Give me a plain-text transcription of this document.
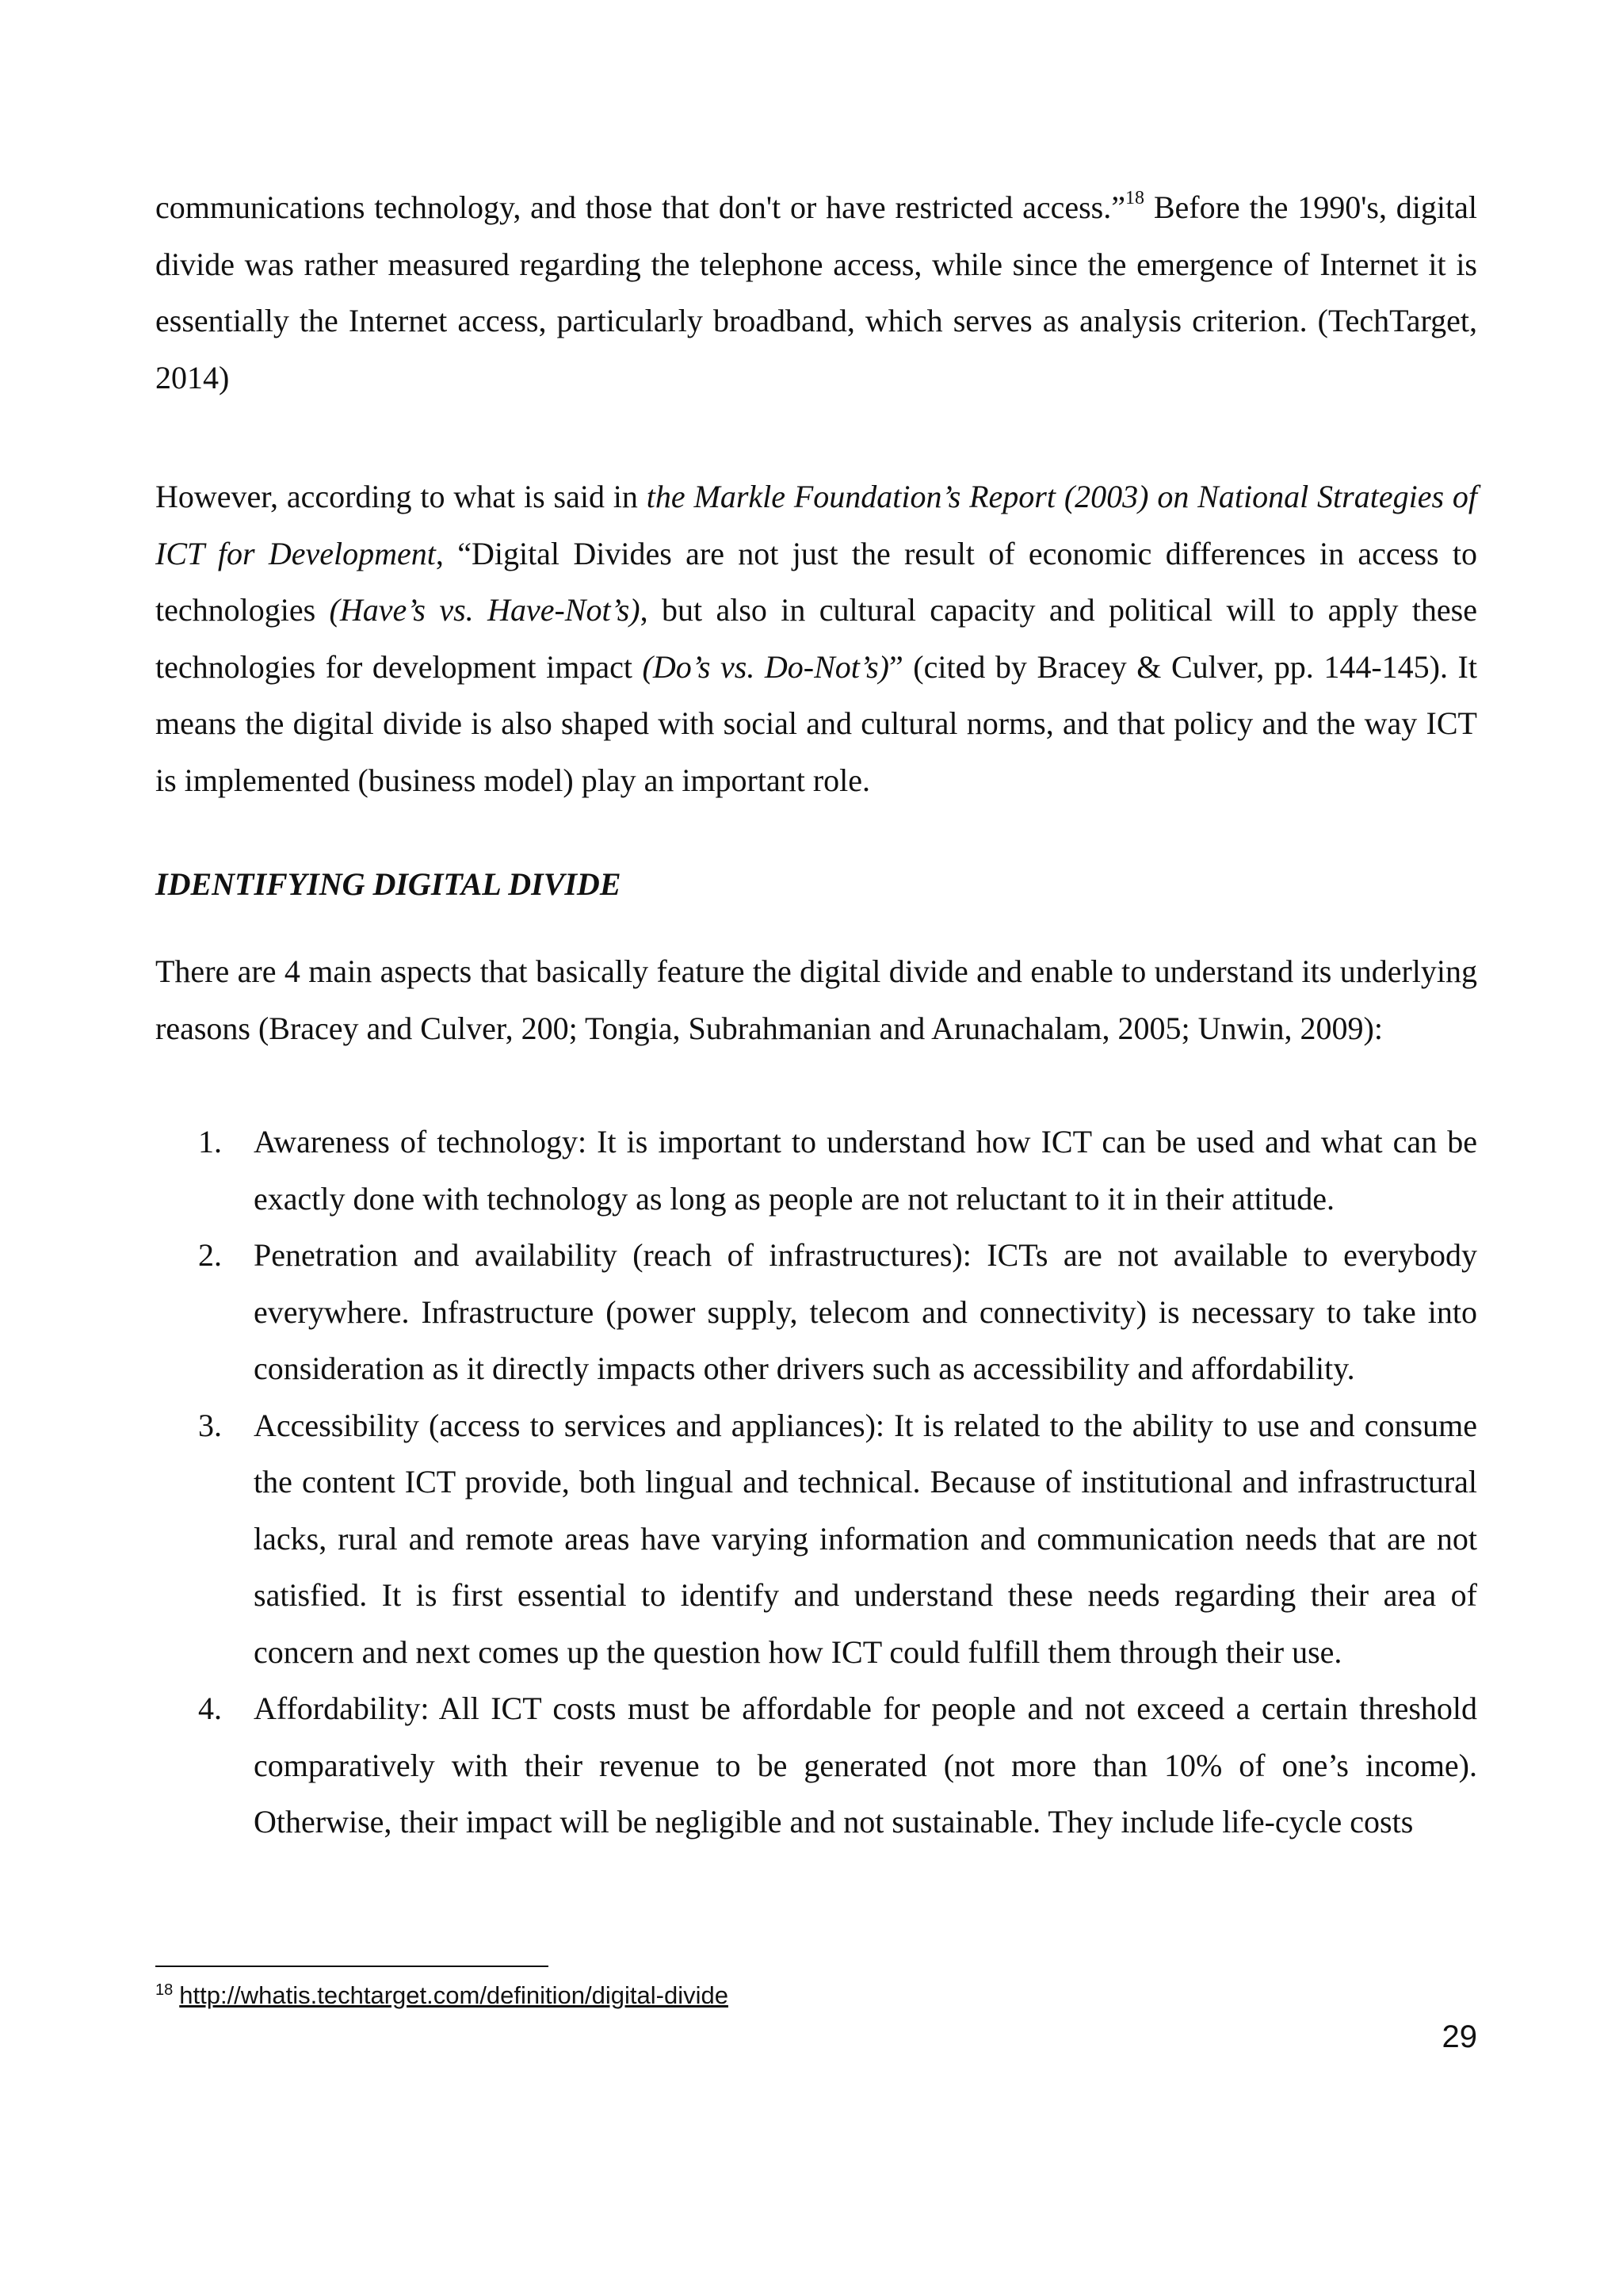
communications technology, and those that don't or have restricted access.”$^{18}$ Before the 1990's, digital divide was rather measured regarding the telephone access, while since the emergence of Internet it is essentially the Internet access, particularly broadband, which serves as analysis criterion. (TechTarget, 2014)

However, according to what is said in the Markle Foundation’s Report (2003) on National Strategies of ICT for Development, “Digital Divides are not just the result of economic differences in access to technologies (Have’s vs. Have-Not’s), but also in cultural capacity and political will to apply these technologies for development impact (Do’s vs. Do-Not’s)” (cited by Bracey & Culver, pp. 144-145). It means the digital divide is also shaped with social and cultural norms, and that policy and the way ICT is implemented (business model) play an important role.

IDENTIFYING DIGITAL DIVIDE

There are 4 main aspects that basically feature the digital divide and enable to understand its underlying reasons (Bracey and Culver, 200; Tongia, Subrahmanian and Arunachalam, 2005; Unwin, 2009):

1. Awareness of technology: It is important to understand how ICT can be used and what can be exactly done with technology as long as people are not reluctant to it in their attitude.
2. Penetration and availability (reach of infrastructures): ICTs are not available to everybody everywhere. Infrastructure (power supply, telecom and connectivity) is necessary to take into consideration as it directly impacts other drivers such as accessibility and affordability.
3. Accessibility (access to services and appliances): It is related to the ability to use and consume the content ICT provide, both lingual and technical. Because of institutional and infrastructural lacks, rural and remote areas have varying information and communication needs that are not satisfied. It is first essential to identify and understand these needs regarding their area of concern and next comes up the question how ICT could fulfill them through their use.
4. Affordability: All ICT costs must be affordable for people and not exceed a certain threshold comparatively with their revenue to be generated (not more than 10% of one’s income). Otherwise, their impact will be negligible and not sustainable. They include life-cycle costs
$^{18}$ http://whatis.techtarget.com/definition/digital-divide
29
